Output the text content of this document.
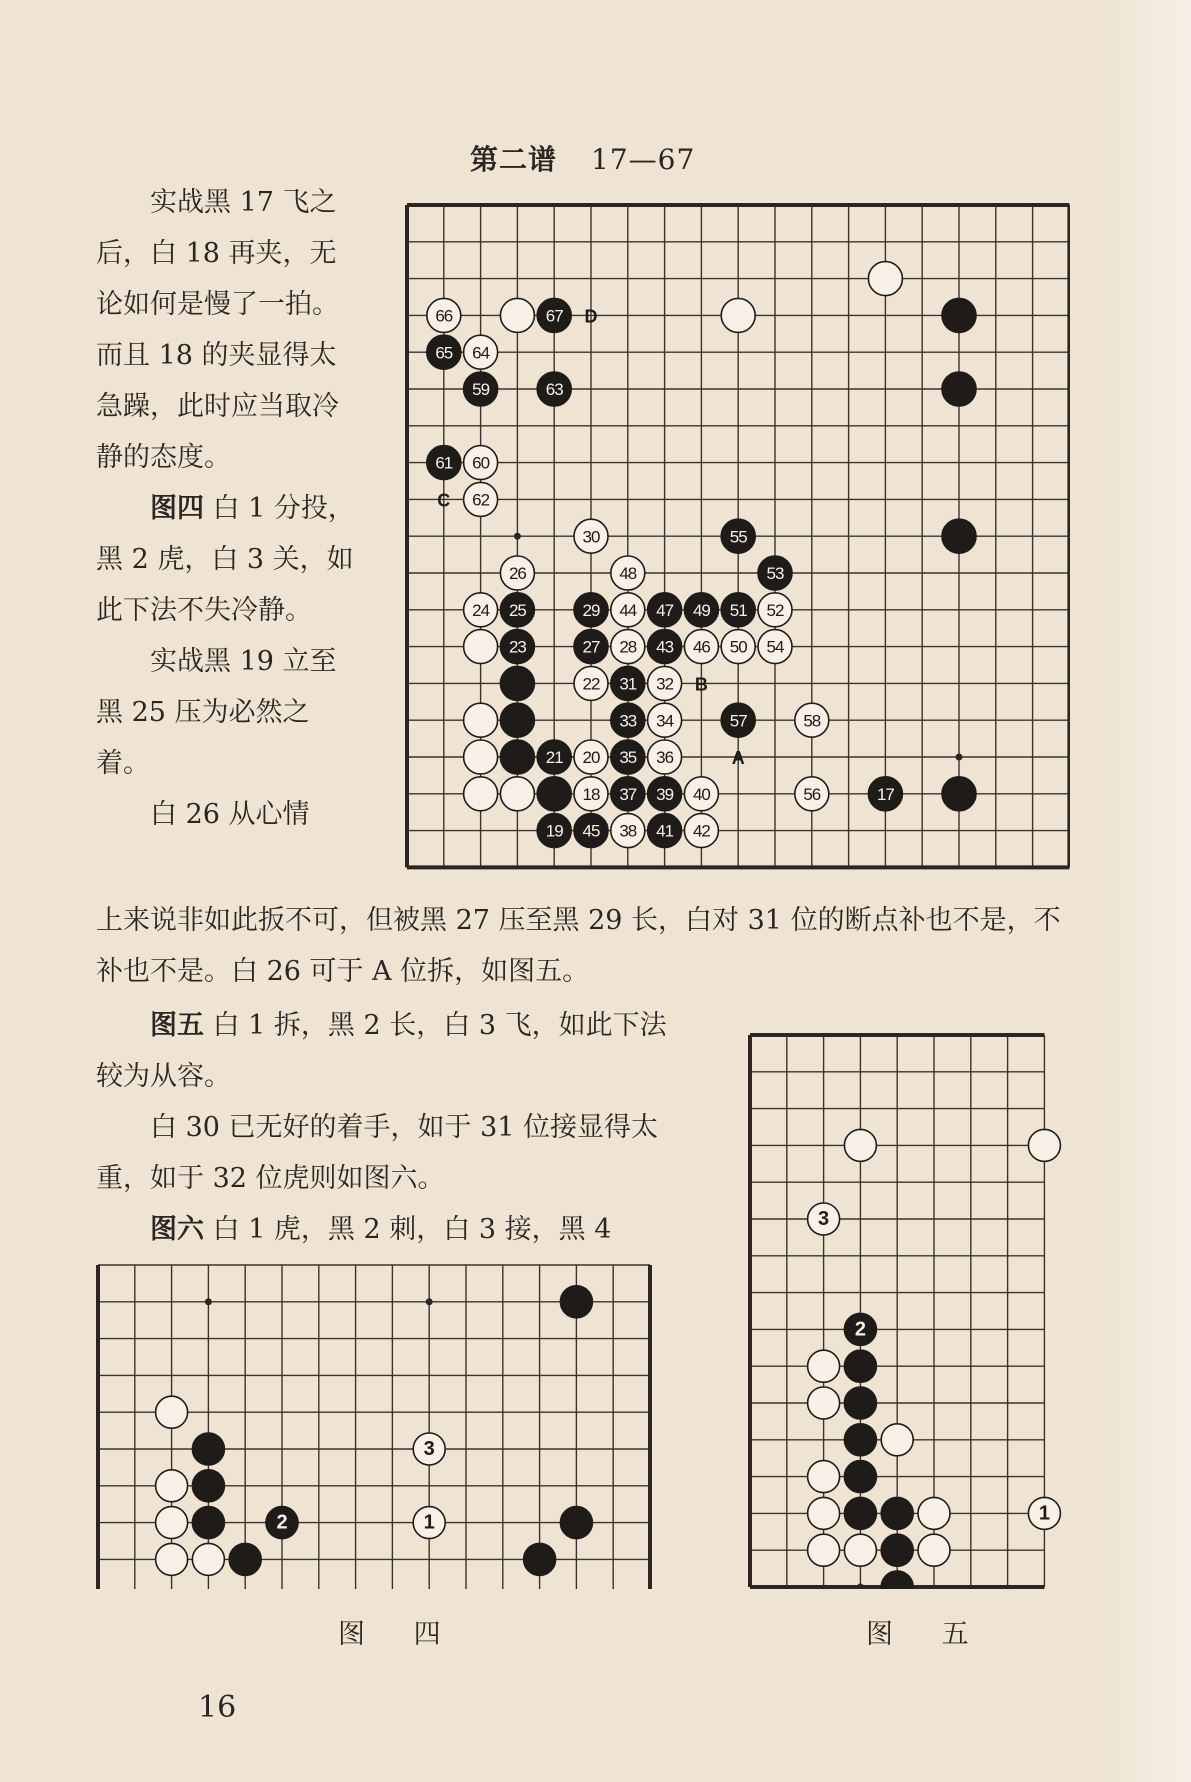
第二谱 17—67

实战黑 17 飞之后，白 18 再夹，无论如何是慢了一拍。而且 18 的夹显得太急躁，此时应当取冷静的态度。

图四 白 1 分投，黑 2 虎，白 3 关，如此下法不失冷静。

实战黑 19 立至黑 25 压为必然之着。

白 26 从心情

上来说非如此扳不可，但被黑 27 压至黑 29 长，白对 31 位的断点补也不是，不补也不是。白 26 可于 A 位拆，如图五。

图五 白 1 拆，黑 2 长，白 3 飞，如此下法较为从容。

白 30 已无好的着手，如于 31 位接显得太重，如于 32 位虎则如图六。

图六 白 1 虎，黑 2 刺，白 3 接，黑 4

67
66
65 64
59	63
61 60
62
30	55
26	48	53
24 25	29 44 47 49 51 52
23	27 28 43 46 50 54
22 31 32
33 34	57	58
21 20 35 36
18 37 39 40	56	17
19 45 38 41 42
D
C
B
A
3
2	1
图 四
3
2
1
图 五
16
